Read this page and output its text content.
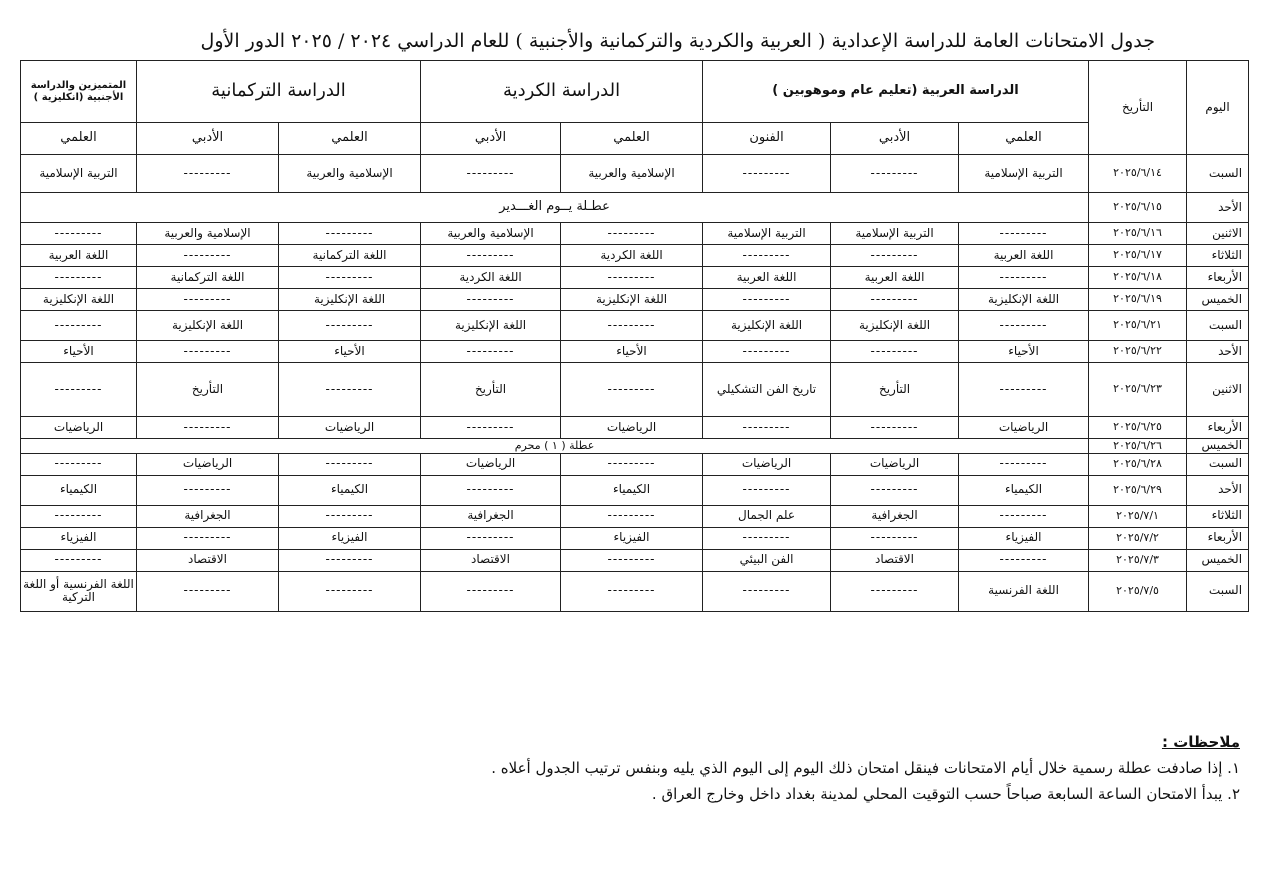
جدول الامتحانات العامة للدراسة الإعدادية ( العربية والكردية والتركمانية والأجنبية ) للعام الدراسي ٢٠٢٤ / ٢٠٢٥ الدور الأول
اليوم	التأريخ	الدراسة العربية (تعليم عام وموهوبين )			الدراسة الكردية		الدراسة التركمانية		المتميزين والدراسة الأجنبية (انكليزية )
		العلمي	الأدبي	الفنون	العلمي	الأدبي	العلمي	الأدبي	العلمي
السبت	٢٠٢٥/٦/١٤	التربية الإسلامية	---------	---------	الإسلامية والعربية	---------	الإسلامية والعربية	---------	التربية الإسلامية
الأحد	٢٠٢٥/٦/١٥	عطـلة يــوم الغـــدير							
الاثنين	٢٠٢٥/٦/١٦	---------	التربية الإسلامية	التربية الإسلامية	---------	الإسلامية والعربية	---------	الإسلامية والعربية	---------
الثلاثاء	٢٠٢٥/٦/١٧	اللغة العربية	---------	---------	اللغة الكردية	---------	اللغة التركمانية	---------	اللغة العربية
الأربعاء	٢٠٢٥/٦/١٨	---------	اللغة العربية	اللغة العربية	---------	اللغة الكردية	---------	اللغة التركمانية	---------
الخميس	٢٠٢٥/٦/١٩	اللغة الإنكليزية	---------	---------	اللغة الإنكليزية	---------	اللغة الإنكليزية	---------	اللغة الإنكليزية
السبت	٢٠٢٥/٦/٢١	---------	اللغة الإنكليزية	اللغة الإنكليزية	---------	اللغة الإنكليزية	---------	اللغة الإنكليزية	---------
الأحد	٢٠٢٥/٦/٢٢	الأحياء	---------	---------	الأحياء	---------	الأحياء	---------	الأحياء
الاثنين	٢٠٢٥/٦/٢٣	---------	التأريخ	تاريخ الفن التشكيلي	---------	التأريخ	---------	التأريخ	---------
الأربعاء	٢٠٢٥/٦/٢٥	الرياضيات	---------	---------	الرياضيات	---------	الرياضيات	---------	الرياضيات
الخميس	٢٠٢٥/٦/٢٦	عطلة ( ١ ) محرم							
السبت	٢٠٢٥/٦/٢٨	---------	الرياضيات	الرياضيات	---------	الرياضيات	---------	الرياضيات	---------
الأحد	٢٠٢٥/٦/٢٩	الكيمياء	---------	---------	الكيمياء	---------	الكيمياء	---------	الكيمياء
الثلاثاء	٢٠٢٥/٧/١	---------	الجغرافية	علم الجمال	---------	الجغرافية	---------	الجغرافية	---------
الأربعاء	٢٠٢٥/٧/٢	الفيزياء	---------	---------	الفيزياء	---------	الفيزياء	---------	الفيزياء
الخميس	٢٠٢٥/٧/٣	---------	الاقتصاد	الفن البيئي	---------	الاقتصاد	---------	الاقتصاد	---------
السبت	٢٠٢٥/٧/٥	اللغة الفرنسية	---------	---------	---------	---------	---------	---------	اللغة الفرنسية أو اللغة التركية
ملاحظات :
١. إذا صادفت عطلة رسمية خلال أيام الامتحانات فينقل امتحان ذلك اليوم إلى اليوم الذي يليه وبنفس ترتيب الجدول أعلاه .
٢. يبدأ الامتحان الساعة السابعة صباحاً حسب التوقيت المحلي لمدينة بغداد داخل وخارج العراق .
